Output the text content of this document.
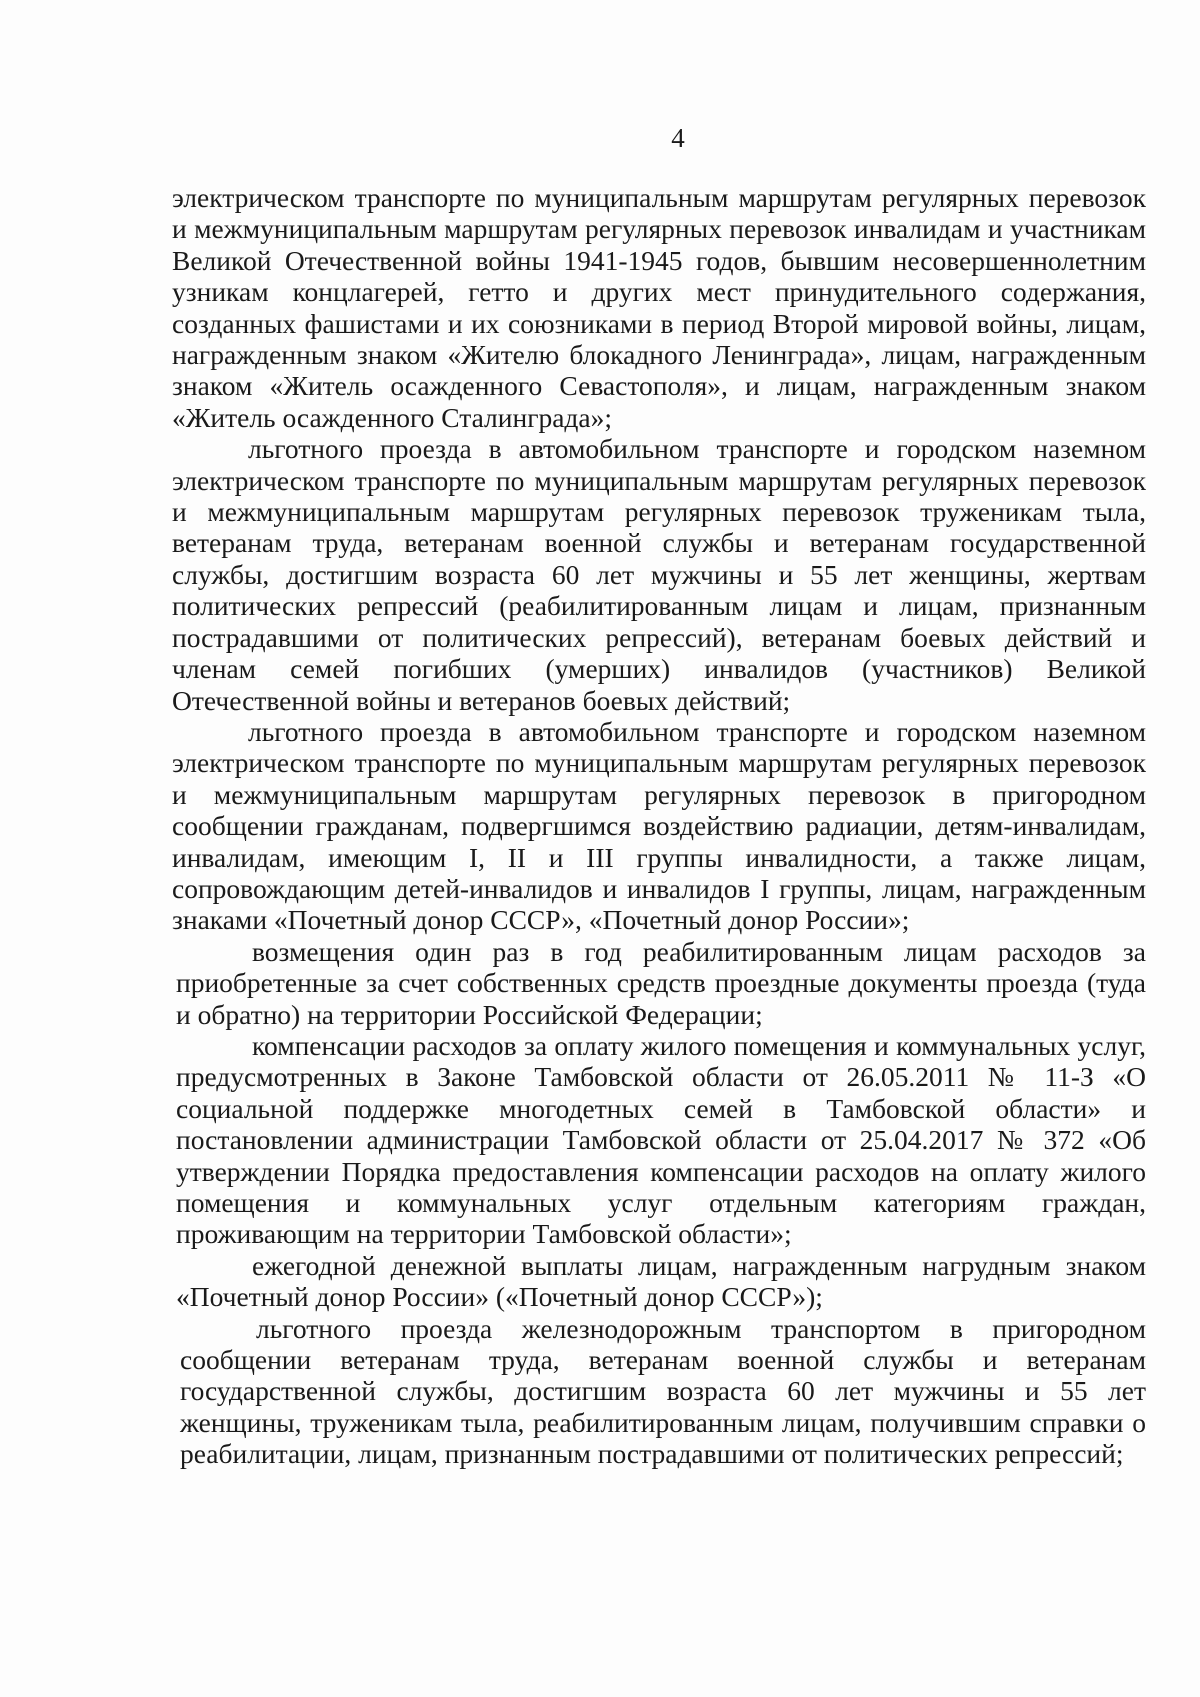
4

электрическом транспорте по муниципальным маршрутам регулярных перевозок и межмуниципальным маршрутам регулярных перевозок инвалидам и участникам Великой Отечественной войны 1941-1945 годов, бывшим несовершеннолетним узникам концлагерей, гетто и других мест принудительного содержания, созданных фашистами и их союзниками в период Второй мировой войны, лицам, награжденным знаком «Жителю блокадного Ленинграда», лицам, награжденным знаком «Житель осажденного Севастополя», и лицам, награжденным знаком «Житель осажденного Сталинграда»;

льготного проезда в автомобильном транспорте и городском наземном электрическом транспорте по муниципальным маршрутам регулярных перевозок и межмуниципальным маршрутам регулярных перевозок труженикам тыла, ветеранам труда, ветеранам военной службы и ветеранам государственной службы, достигшим возраста 60 лет мужчины и 55 лет женщины, жертвам политических репрессий (реабилитированным лицам и лицам, признанным пострадавшими от политических репрессий), ветеранам боевых действий и членам семей погибших (умерших) инвалидов (участников) Великой Отечественной войны и ветеранов боевых действий;

льготного проезда в автомобильном транспорте и городском наземном электрическом транспорте по муниципальным маршрутам регулярных перевозок и межмуниципальным маршрутам регулярных перевозок в пригородном сообщении гражданам, подвергшимся воздействию радиации, детям-инвалидам, инвалидам, имеющим I, II и III группы инвалидности, а также лицам, сопровождающим детей-инвалидов и инвалидов I группы, лицам, награжденным знаками «Почетный донор СССР», «Почетный донор России»;

возмещения один раз в год реабилитированным лицам расходов за приобретенные за счет собственных средств проездные документы проезда (туда и обратно) на территории Российской Федерации;

компенсации расходов за оплату жилого помещения и коммунальных услуг, предусмотренных в Законе Тамбовской области от 26.05.2011 № 11-З «О социальной поддержке многодетных семей в Тамбовской области» и постановлении администрации Тамбовской области от 25.04.2017 № 372 «Об утверждении Порядка предоставления компенсации расходов на оплату жилого помещения и коммунальных услуг отдельным категориям граждан, проживающим на территории Тамбовской области»;

ежегодной денежной выплаты лицам, награжденным нагрудным знаком «Почетный донор России» («Почетный донор СССР»);

льготного проезда железнодорожным транспортом в пригородном сообщении ветеранам труда, ветеранам военной службы и ветеранам государственной службы, достигшим возраста 60 лет мужчины и 55 лет женщины, труженикам тыла, реабилитированным лицам, получившим справки о реабилитации, лицам, признанным пострадавшими от политических репрессий;
